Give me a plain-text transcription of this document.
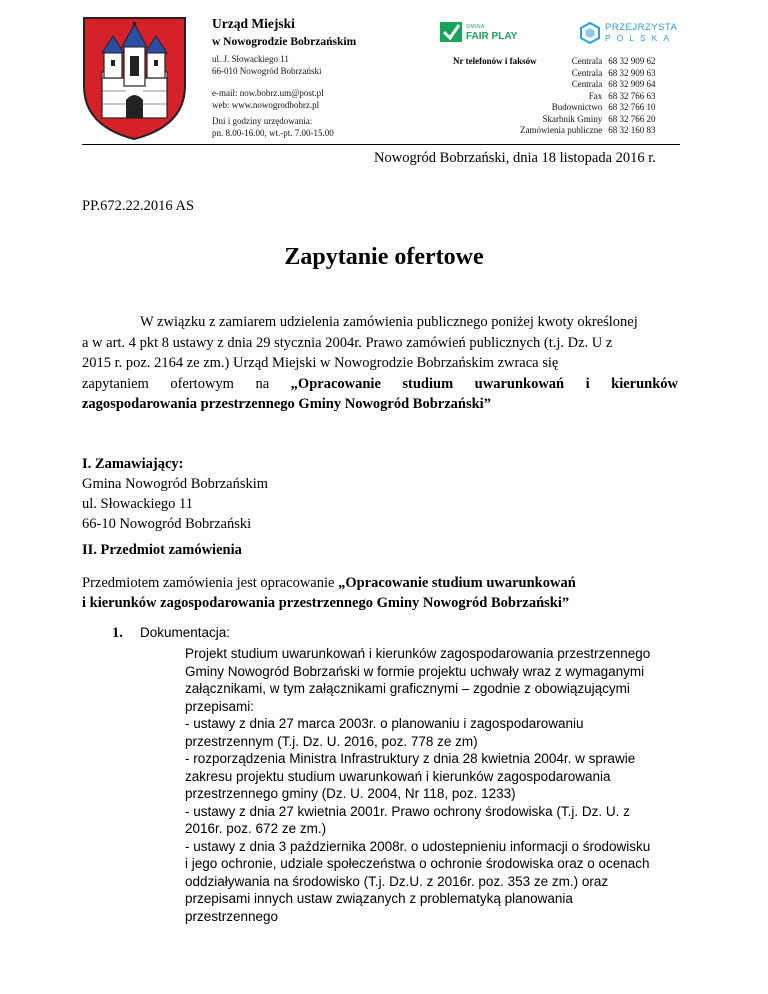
Urząd Miejski
w Nowogrodzie Bobrzańskim
ul. J. Słowackiego 11
66-010 Nowogród Bobrzański
e-mail: now.bobrz.um@post.pl
web: www.nowogrodbobrz.pl
Dni i godziny urzędowania:
pn. 8.00-16.00, wt.-pt. 7.00-15.00
GMINA
FAIR PLAY
PRZEJRZYSTA
POLSKA
Nr telefonów i faksów	Centrala
Centrala
Centrala
Fax
Budownictwo
Skarbnik Gminy
Zamówienia publiczne
68 32 909 62
68 32 909 63
68 32 909 64
68 32 766 63
68 32 766 10
68 32 766 20
68 32 160 83
Nowogród Bobrzański, dnia 18 listopada 2016 r.
PP.672.22.2016 AS
Zapytanie ofertowe
W związku z zamiarem udzielenia zamówienia publicznego poniżej kwoty określonej
a w art. 4 pkt 8 ustawy z dnia 29 stycznia 2004r. Prawo zamówień publicznych (t.j. Dz. U z
2015 r. poz. 2164 ze zm.) Urząd Miejski w Nowogrodzie Bobrzańskim zwraca się
zapytaniem ofertowym na „Opracowanie studium uwarunkowań i kierunków
zagospodarowania przestrzennego Gminy Nowogród Bobrzański”
I. Zamawiający:
Gmina Nowogród Bobrzańskim
ul. Słowackiego 11
66-10 Nowogród Bobrzański
II. Przedmiot zamówienia
Przedmiotem zamówienia jest opracowanie „Opracowanie studium uwarunkowań
i kierunków zagospodarowania przestrzennego Gminy Nowogród Bobrzański”
1. Dokumentacja:
Projekt studium uwarunkowań i kierunków zagospodarowania przestrzennego
Gminy Nowogród Bobrzański w formie projektu uchwały wraz z wymaganymi
załącznikami, w tym załącznikami graficznymi – zgodnie z obowiązującymi
przepisami:
- ustawy z dnia 27 marca 2003r. o planowaniu i zagospodarowaniu
przestrzennym (T.j. Dz. U. 2016, poz. 778 ze zm)
- rozporządzenia Ministra Infrastruktury z dnia 28 kwietnia 2004r. w sprawie
zakresu projektu studium uwarunkowań i kierunków zagospodarowania
przestrzennego gminy (Dz. U. 2004, Nr 118, poz. 1233)
- ustawy z dnia 27 kwietnia 2001r. Prawo ochrony środowiska (T.j. Dz. U. z
2016r. poz. 672 ze zm.)
- ustawy z dnia 3 października 2008r. o udostepnieniu informacji o środowisku
i jego ochronie, udziale społeczeństwa o ochronie środowiska oraz o ocenach
oddziaływania na środowisko (T.j. Dz.U. z 2016r. poz. 353 ze zm.) oraz
przepisami innych ustaw związanych z problematyką planowania
przestrzennego
